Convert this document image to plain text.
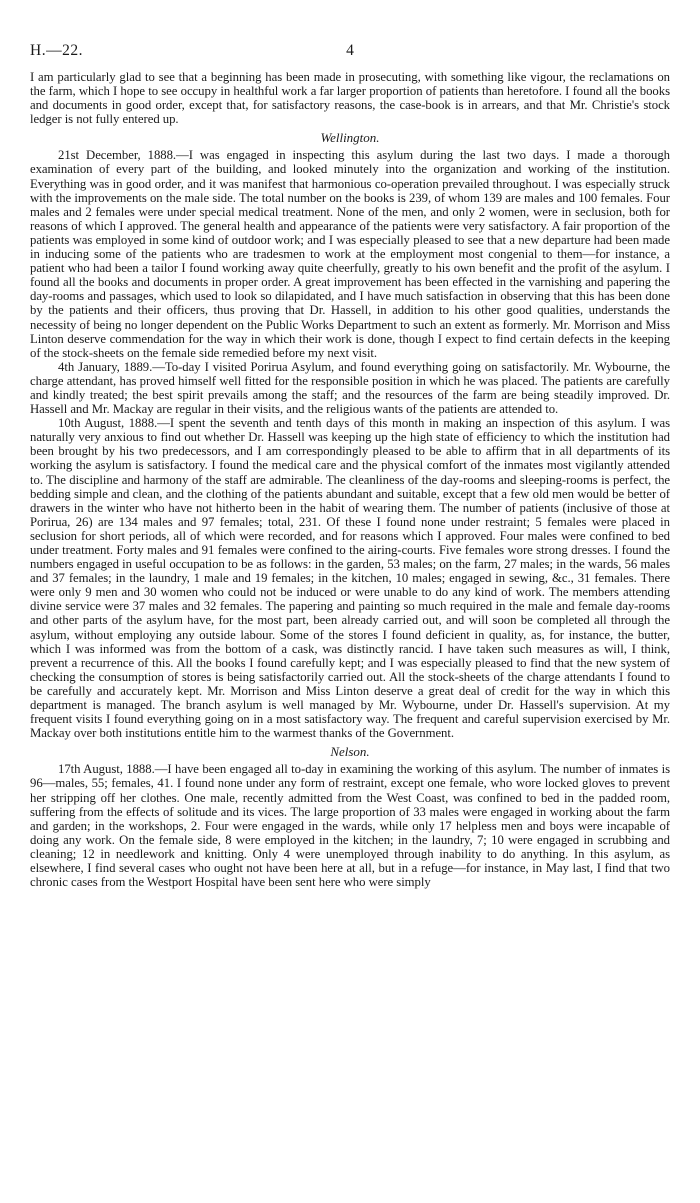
H.—22.	4

I am particularly glad to see that a beginning has been made in prosecuting, with something like vigour, the reclamations on the farm, which I hope to see occupy in healthful work a far larger proportion of patients than heretofore. I found all the books and documents in good order, except that, for satisfactory reasons, the case-book is in arrears, and that Mr. Christie's stock ledger is not fully entered up.

Wellington.

21st December, 1888.—I was engaged in inspecting this asylum during the last two days. I made a thorough examination of every part of the building, and looked minutely into the organization and working of the institution. Everything was in good order, and it was manifest that harmonious co-operation prevailed throughout. I was especially struck with the improvements on the male side. The total number on the books is 239, of whom 139 are males and 100 females. Four males and 2 females were under special medical treatment. None of the men, and only 2 women, were in seclusion, both for reasons of which I approved. The general health and appearance of the patients were very satisfactory. A fair proportion of the patients was employed in some kind of outdoor work; and I was especially pleased to see that a new departure had been made in inducing some of the patients who are tradesmen to work at the employment most congenial to them—for instance, a patient who had been a tailor I found working away quite cheerfully, greatly to his own benefit and the profit of the asylum. I found all the books and documents in proper order. A great improvement has been effected in the varnishing and papering the day-rooms and passages, which used to look so dilapidated, and I have much satisfaction in observing that this has been done by the patients and their officers, thus proving that Dr. Hassell, in addition to his other good qualities, understands the necessity of being no longer dependent on the Public Works Department to such an extent as formerly. Mr. Morrison and Miss Linton deserve commendation for the way in which their work is done, though I expect to find certain defects in the keeping of the stock-sheets on the female side remedied before my next visit.

4th January, 1889.—To-day I visited Porirua Asylum, and found everything going on satisfactorily. Mr. Wybourne, the charge attendant, has proved himself well fitted for the responsible position in which he was placed. The patients are carefully and kindly treated; the best spirit prevails among the staff; and the resources of the farm are being steadily improved. Dr. Hassell and Mr. Mackay are regular in their visits, and the religious wants of the patients are attended to.

10th August, 1888.—I spent the seventh and tenth days of this month in making an inspection of this asylum. I was naturally very anxious to find out whether Dr. Hassell was keeping up the high state of efficiency to which the institution had been brought by his two predecessors, and I am correspondingly pleased to be able to affirm that in all departments of its working the asylum is satisfactory. I found the medical care and the physical comfort of the inmates most vigilantly attended to. The discipline and harmony of the staff are admirable. The cleanliness of the day-rooms and sleeping-rooms is perfect, the bedding simple and clean, and the clothing of the patients abundant and suitable, except that a few old men would be better of drawers in the winter who have not hitherto been in the habit of wearing them. The number of patients (inclusive of those at Porirua, 26) are 134 males and 97 females; total, 231. Of these I found none under restraint; 5 females were placed in seclusion for short periods, all of which were recorded, and for reasons which I approved. Four males were confined to bed under treatment. Forty males and 91 females were confined to the airing-courts. Five females wore strong dresses. I found the numbers engaged in useful occupation to be as follows: in the garden, 53 males; on the farm, 27 males; in the wards, 56 males and 37 females; in the laundry, 1 male and 19 females; in the kitchen, 10 males; engaged in sewing, &c., 31 females. There were only 9 men and 30 women who could not be induced or were unable to do any kind of work. The members attending divine service were 37 males and 32 females. The papering and painting so much required in the male and female day-rooms and other parts of the asylum have, for the most part, been already carried out, and will soon be completed all through the asylum, without employing any outside labour. Some of the stores I found deficient in quality, as, for instance, the butter, which I was informed was from the bottom of a cask, was distinctly rancid. I have taken such measures as will, I think, prevent a recurrence of this. All the books I found carefully kept; and I was especially pleased to find that the new system of checking the consumption of stores is being satisfactorily carried out. All the stock-sheets of the charge attendants I found to be carefully and accurately kept. Mr. Morrison and Miss Linton deserve a great deal of credit for the way in which this department is managed. The branch asylum is well managed by Mr. Wybourne, under Dr. Hassell's supervision. At my frequent visits I found everything going on in a most satisfactory way. The frequent and careful supervision exercised by Mr. Mackay over both institutions entitle him to the warmest thanks of the Government.

Nelson.

17th August, 1888.—I have been engaged all to-day in examining the working of this asylum. The number of inmates is 96—males, 55; females, 41. I found none under any form of restraint, except one female, who wore locked gloves to prevent her stripping off her clothes. One male, recently admitted from the West Coast, was confined to bed in the padded room, suffering from the effects of solitude and its vices. The large proportion of 33 males were engaged in working about the farm and garden; in the workshops, 2. Four were engaged in the wards, while only 17 helpless men and boys were incapable of doing any work. On the female side, 8 were employed in the kitchen; in the laundry, 7; 10 were engaged in scrubbing and cleaning; 12 in needlework and knitting. Only 4 were unemployed through inability to do anything. In this asylum, as elsewhere, I find several cases who ought not have been here at all, but in a refuge—for instance, in May last, I find that two chronic cases from the Westport Hospital have been sent here who were simply
